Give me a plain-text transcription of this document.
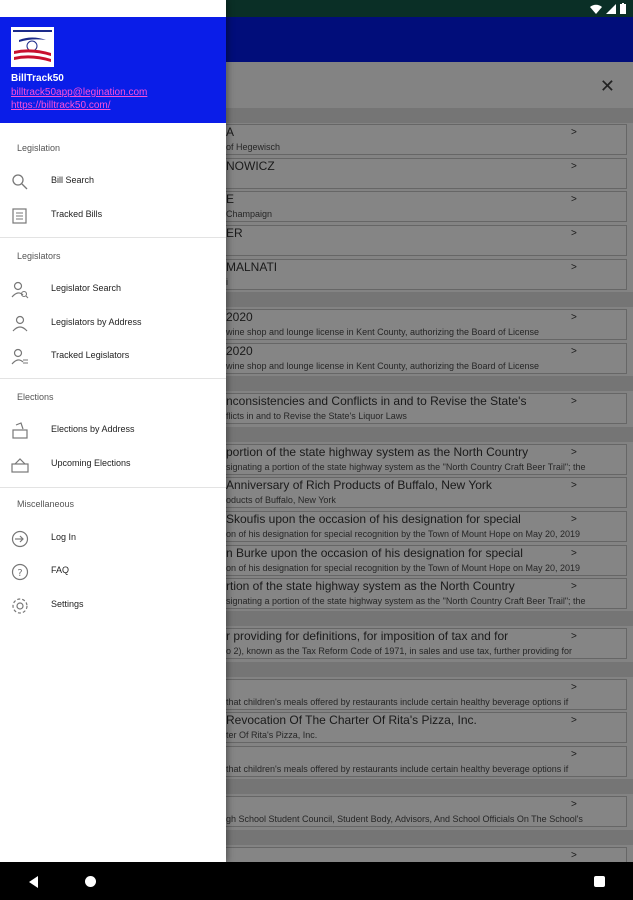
✕
A
of Hegewisch
>
NOWICZ	>
E
Champaign
>
ER	>
MALNATI
i
>
2020
wine shop and lounge license in Kent County, authorizing the Board of License
>
2020
wine shop and lounge license in Kent County, authorizing the Board of License
>
nconsistencies and Conflicts in and to Revise the State's
flicts in and to Revise the State's Liquor Laws
>
portion of the state highway system as the North Country
signating a portion of the state highway system as the "North Country Craft Beer Trail"; the
>
Anniversary of Rich Products of Buffalo, New York
oducts of Buffalo, New York
>
Skoufis upon the occasion of his designation for special
on of his designation for special recognition by the Town of Mount Hope on May 20, 2019
>
n Burke upon the occasion of his designation for special
on of his designation for special recognition by the Town of Mount Hope on May 20, 2019
>
rtion of the state highway system as the North Country
signating a portion of the state highway system as the "North Country Craft Beer Trail"; the
>
r providing for definitions, for imposition of tax and for
o 2), known as the Tax Reform Code of 1971, in sales and use tax, further providing for
>
that children's meals offered by restaurants include certain healthy beverage options if
>
Revocation Of The Charter Of Rita's Pizza, Inc.
ter Of Rita's Pizza, Inc.
>
that children's meals offered by restaurants include certain healthy beverage options if
>
gh School Student Council, Student Body, Advisors, And School Officials On The School's
>
>
BillTrack50
billtrack50app@legination.com
https://billtrack50.com/
Legislation
Bill Search
Tracked Bills
Legislators
Legislator Search
Legislators by Address
Tracked Legislators
Elections
Elections by Address
Upcoming Elections
Miscellaneous
Log In
?	FAQ
Settings
